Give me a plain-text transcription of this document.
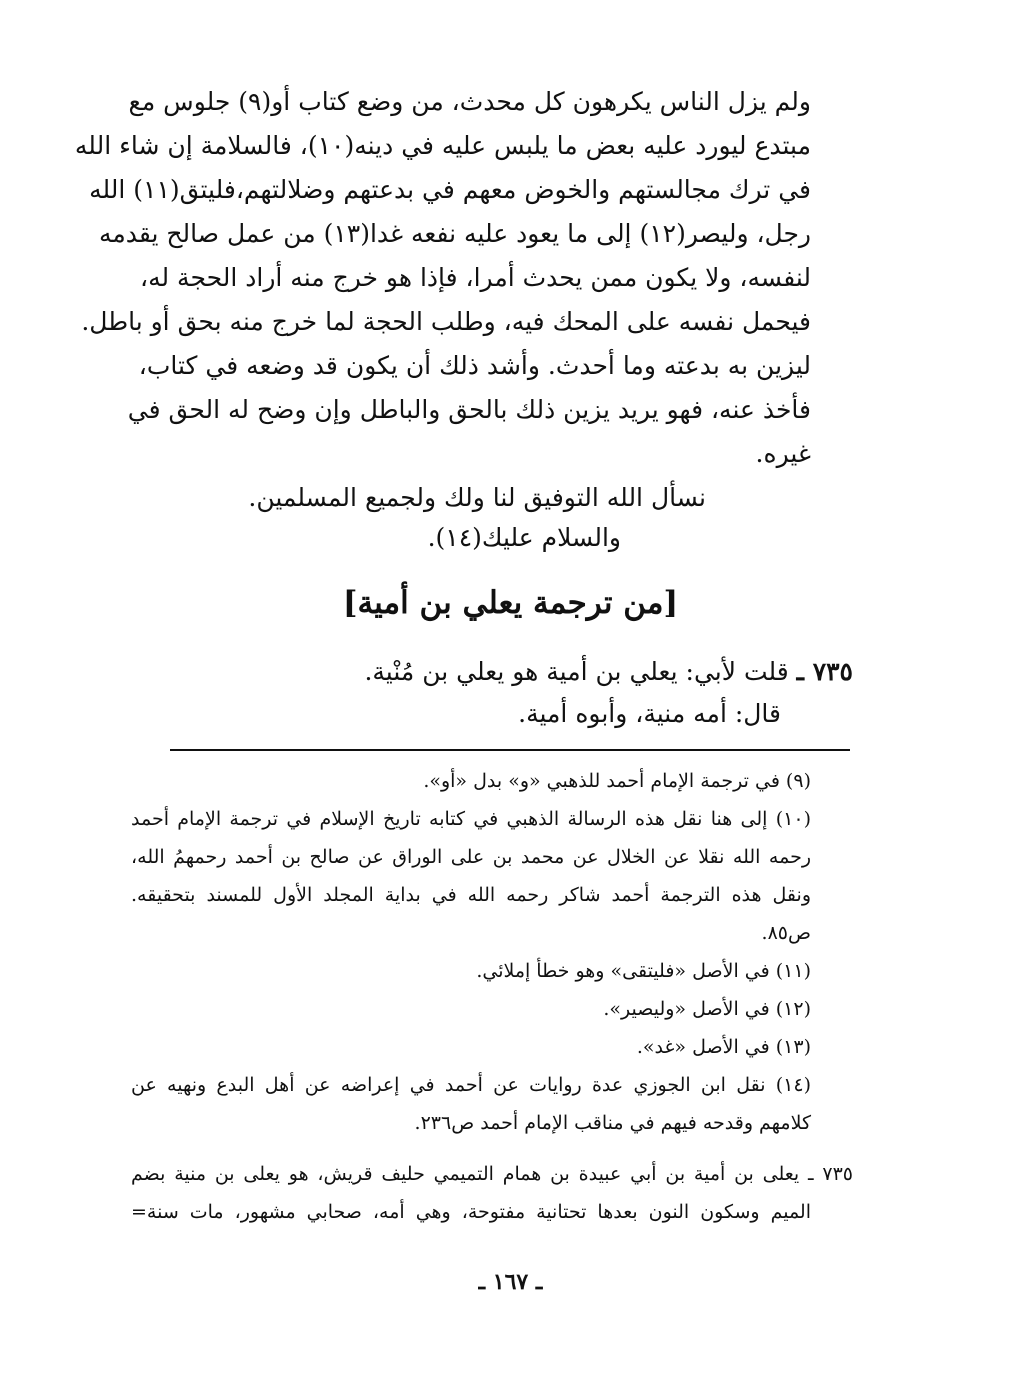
ولم يزل الناس يكرهون كل محدث، من وضع كتاب أو(٩) جلوس مع
مبتدع ليورد عليه بعض ما يلبس عليه في دينه(١٠)، فالسلامة إن شاء الله
في ترك مجالستهم والخوض معهم في بدعتهم وضلالتهم،فليتق(١١) الله
رجل، وليصر(١٢) إلى ما يعود عليه نفعه غدا(١٣) من عمل صالح يقدمه
لنفسه، ولا يكون ممن يحدث أمرا، فإذا هو خرج منه أراد الحجة له،
فيحمل نفسه على المحك فيه، وطلب الحجة لما خرج منه بحق أو باطل.
ليزين به بدعته وما أحدث. وأشد ذلك أن يكون قد وضعه في كتاب،
فأخذ عنه، فهو يريد يزين ذلك بالحق والباطل وإن وضح له الحق في
غيره.
نسأل الله التوفيق لنا ولك ولجميع المسلمين.
والسلام عليك(١٤).
[من ترجمة يعلي بن أمية]
٧٣٥ ـ قلت لأبي: يعلي بن أمية هو يعلي بن مُنْية.
قال: أمه منية، وأبوه أمية.
(٩) في ترجمة الإمام أحمد للذهبي «و» بدل «أو».
(١٠) إلى هنا نقل هذه الرسالة الذهبي في كتابه تاريخ الإسلام في ترجمة الإمام أحمد
رحمه الله نقلا عن الخلال عن محمد بن على الوراق عن صالح بن أحمد رحمهمُ الله،
ونقل هذه الترجمة أحمد شاكر رحمه الله في بداية المجلد الأول للمسند بتحقيقه.
ص٨٥.
(١١) في الأصل «فليتقى» وهو خطأ إملائي.
(١٢) في الأصل «وليصير».
(١٣) في الأصل «غد».
(١٤) نقل ابن الجوزي عدة روايات عن أحمد في إعراضه عن أهل البدع ونهيه عن
كلامهم وقدحه فيهم في مناقب الإمام أحمد ص٢٣٦.
٧٣٥ ـ يعلى بن أمية بن أبي عبيدة بن همام التميمي حليف قريش، هو يعلى بن منية بضم
الميم وسكون النون بعدها تحتانية مفتوحة، وهي أمه، صحابي مشهور، مات سنة=
ـ ١٦٧ ـ
